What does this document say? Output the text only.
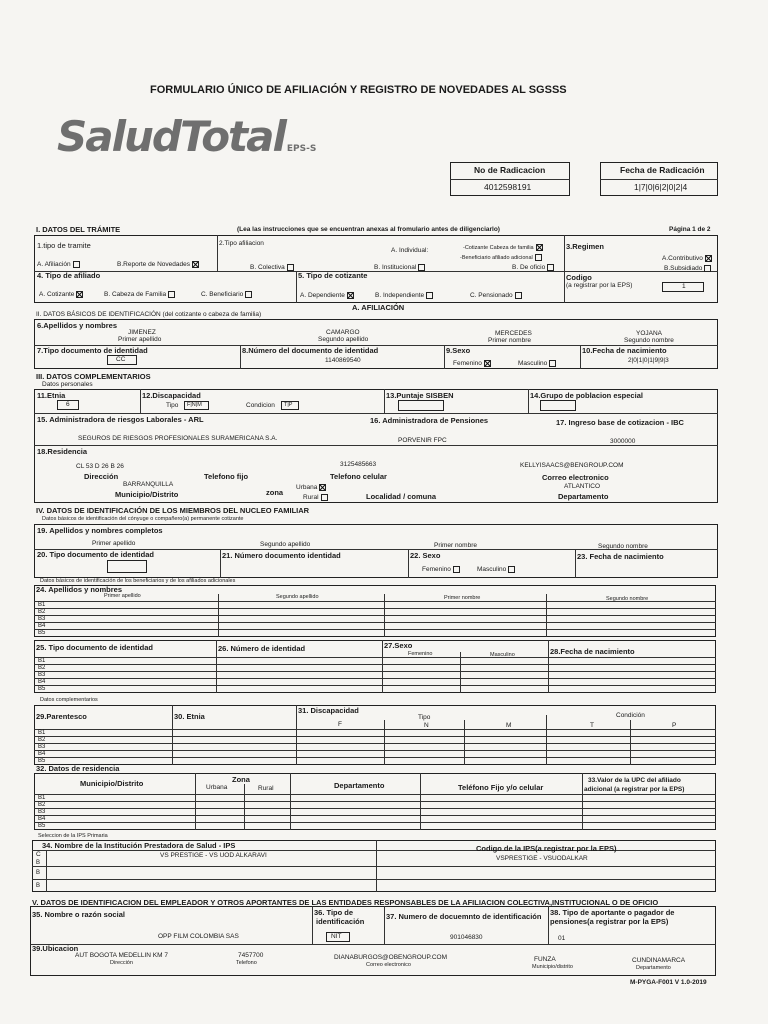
FORMULARIO ÚNICO DE AFILIACIÓN Y REGISTRO DE NOVEDADES AL SGSSS
SaludTotal EPS-S
No de Radicacion
4012598191
Fecha de Radicación
1|7|0|6|2|0|2|4
I. DATOS DEL TRÁMITE	(Lea las instrucciones que se encuentran anexas al fromulario antes de diligenciarlo)	Página 1 de 2
1.tipo de tramite
A. Afiliación	B.Reporte de Novedades
2.Tipo afiliacion
B. Colectiva
A. Individual:
B. Institucional
-Cotizante Cabeza de familia
-Beneficiario afiliado adicional
B. De oficio
3.Regimen
A.Contributivo
B.Subsidiado
4. Tipo de afiliado
A. Cotizante	B. Cabeza de Familia	C. Beneficiario
5. Tipo de cotizante
A. Dependiente	B. Independiente	C. Pensionado
Codigo
(a registrar por la EPS)	1
A. AFILIACIÓN
II. DATOS BÁSICOS DE IDENTIFICACIÓN (del cotizante o cabeza de familia)
6.Apellidos y nombres
JIMENEZ
Primer apellido
CAMARGO
Segundo apellido
MERCEDES
Primer nombre
YOJANA
Segundo nombre
7.Tipo documento de identidad
CC
8.Número del documento de identidad
1140869540
9.Sexo
Femenino	Masculino
10.Fecha de nacimiento
2|0|1|0|1|9|9|3
III. DATOS COMPLEMENTARIOS
Datos personales
11.Etnia
6
12.Discapacidad
Tipo F|N|M	Condicion T|P
13.Puntaje SISBEN	14.Grupo de poblacion especial
15. Administradora de riesgos Laborales - ARL
SEGUROS DE RIESGOS PROFESIONALES SURAMERICANA S.A.
16. Administradora de Pensiones
PORVENIR FPC
17. Ingreso base de cotizacion - IBC
3000000
18.Residencia
CL 53 D 26 B 26
Dirección	Telefono fijo
3125485663
Telefono celular
KELLYISAACS@BENGROUP.COM
Correo electronico
BARRANQUILLA
Municipio/Distrito	zona
Urbana
Rural	Localidad / comuna
ATLANTICO
Departamento
IV. DATOS DE IDENTIFICACIÓN DE LOS MIEMBROS DEL NUCLEO FAMILIAR
Datos básicos de identificación del cónyuge o compañero(a) permanente cotizante
19. Apellidos y nombres completos
Primer apellido	Segundo apellido	Primer nombre	Segundo nombre
20. Tipo documento de identidad	21. Número documento identidad	22. Sexo
Femenino	Masculino
23. Fecha de nacimiento
Datos básicos de identificación de los beneficiarios y de los afiliados adicionales
24. Apellidos y nombres
Primer apellido	Segundo apellido	Primer nombre	Segundo nombre
B1
B2
B3
B4
B5
25. Tipo documento de identidad	26. Número de identidad	27.Sexo
Femenino	Masculino	28.Fecha de nacimiento
B1
B2
B3
B4
B5
Datos complementarios
29.Parentesco	30. Etnia
31. Discapacidad
Tipo	Condición
F	N	M	T	P
B1
B2
B3
B4
B5
32. Datos de residencia
Municipio/Distrito	Zona
Urbana	Rural	Departamento	Teléfono Fijo y/o celular
33.Valor de la UPC del afiliado
adicional (a registrar por la EPS)
B1
B2
B3
B4
B5
Seleccion de la IPS Primaria
34. Nombre de la Institución Prestadora de Salud - IPS	Codigo de la IPS(a registrar por la EPS)
C	VS PRESTIGE - VS UOD ALKARAVI	VSPRESTIGE - VSUODALKAR
B
B
B
V. DATOS DE IDENTIFICACION DEL EMPLEADOR Y OTROS APORTANTES DE LAS ENTIDADES RESPONSABLES DE LA AFILIACION COLECTIVA,INSTITUCIONAL O DE OFICIO
35. Nombre o razón social
OPP FILM COLOMBIA SAS
36. Tipo de
identificación
NIT
37. Numero de docuemnto de identificación
901046830
38. Tipo de aportante o pagador de
pensiones(a registrar por la EPS)
01
39.Ubicacion
AUT BOGOTA MEDELLIN KM 7
Dirección
7457700
Telefono
DIANABURGOS@OBENGROUP.COM
Correo electronico
FUNZA
Municipio/distrito
CUNDINAMARCA
Departamento
M-PYGA-F001 V 1.0-2019
